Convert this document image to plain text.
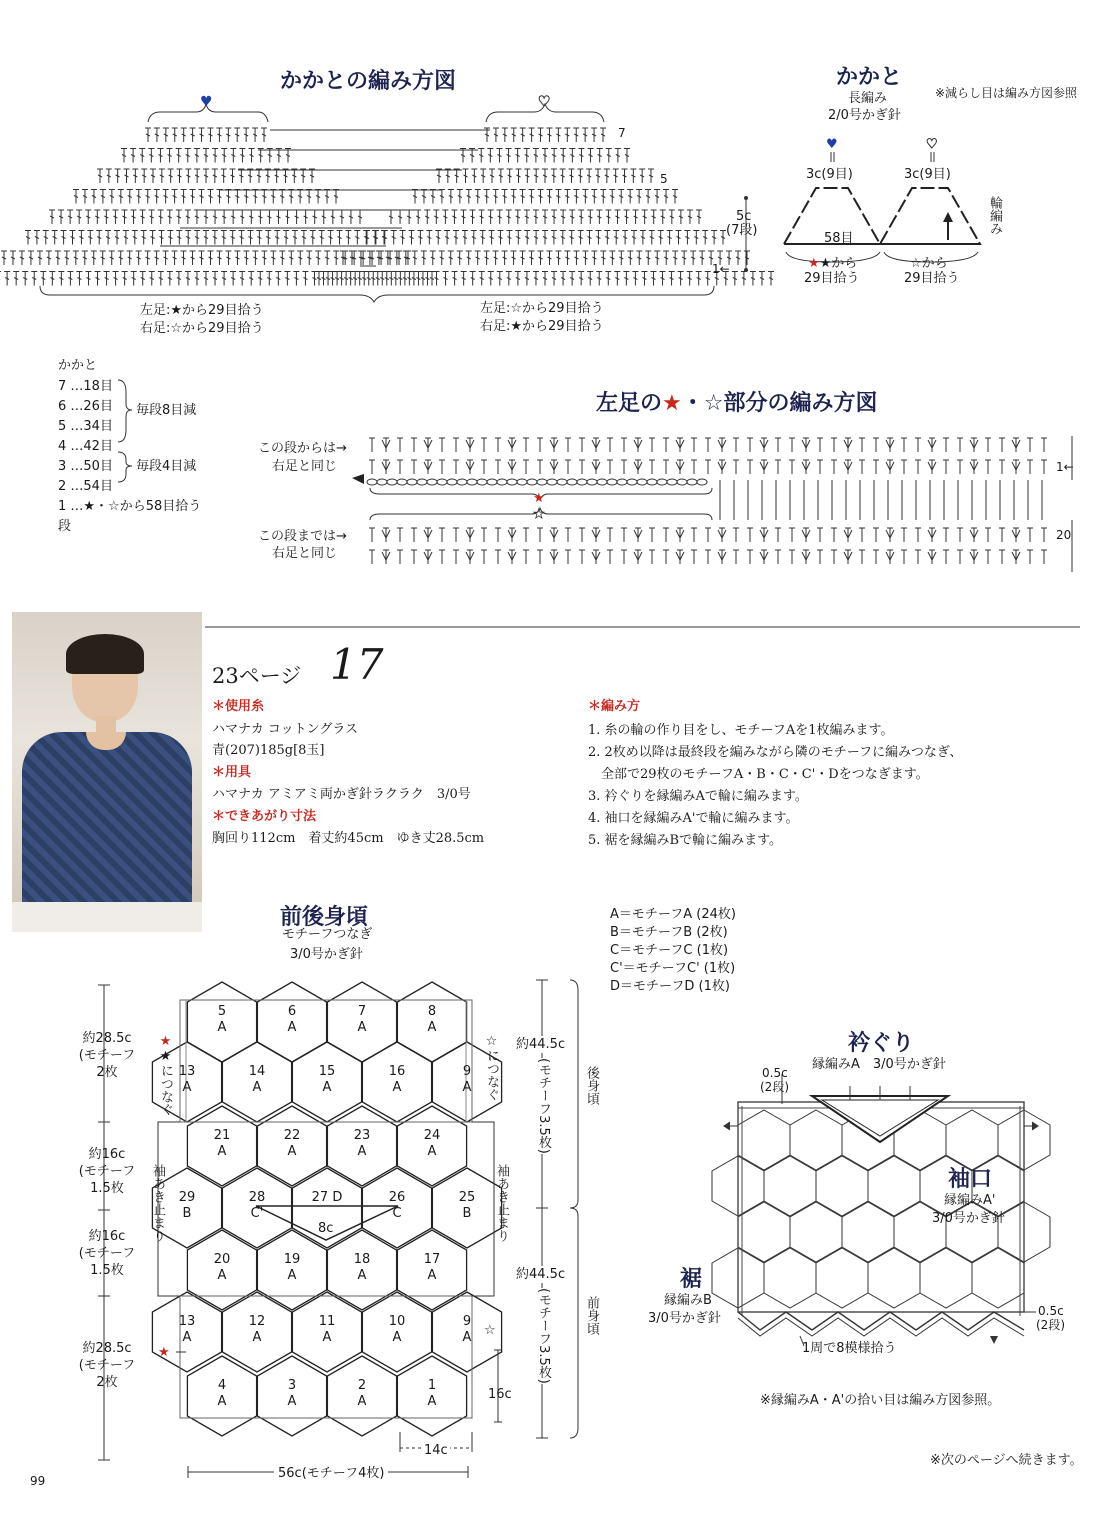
かかとの編み方図
♥	♥
7
5
1←
5c
(7段)
左足:★から29目拾う
右足:☆から29目拾う
左足:☆から29目拾う
右足:★から29目拾う
かかと
※減らし目は編み方図参照
長編み
2/0号かぎ針
♥	♥
3c(9目)	3c(9目)
輪編み
58目
★★から
29目拾う
☆から
29目拾う
かかと
7 …18目
6 …26目
5 …34目
4 …42目
3 …50目
2 …54目
1 …★・☆から58目拾う
段
毎段8目減
毎段4目減
左足の★・☆部分の編み方図
この段からは→
右足と同じ
この段までは→
右足と同じ
1←
20
★
★
23ページ 17
＊使用糸
ハマナカ コットングラス
青(207)185g[8玉]
＊用具
ハマナカ アミアミ両かぎ針ラクラク　3/0号
＊できあがり寸法
胸回り112cm　着丈約45cm　ゆき丈28.5cm
＊編み方
1. 糸の輪の作り目をし、モチーフAを1枚編みます。
2. 2枚め以降は最終段を編みながら隣のモチーフに編みつなぎ、
　全部で29枚のモチーフA・B・C・C'・Dをつなぎます。
3. 衿ぐりを縁編みAで輪に編みます。
4. 袖口を縁編みA'で輪に編みます。
5. 裾を縁編みBで輪に編みます。
前後身頃
モチーフつなぎ
3/0号かぎ針
A＝モチーフA (24枚)
B＝モチーフB (2枚)
C＝モチーフC (1枚)
C'＝モチーフC' (1枚)
D＝モチーフD (1枚)
5
A
6
A
7
A
8
A
13
A
14
A
15
A
16
A
9
A
21
A
22
A
23
A
24
A
29
B
28
C'
27 D	26
C
25
B
20
A
19
A
18
A
17
A
13
A
12
A
11
A
10
A
9
A
4
A
3
A
2
A
1
A
約28.5c
(モチーフ
2枚
約16c
(モチーフ
1.5枚
約16c
(モチーフ
1.5枚
約28.5c
(モチーフ
2枚
★★につなぐ	☆につなぐ
袖あき止まり	袖あき止まり
約44.5c
(モチーフ3.5枚)	後身頃
約44.5c
(モチーフ3.5枚)	前身頃
★
☆
16c
14c
56c(モチーフ4枚)
8c
衿ぐり
縁編みA　3/0号かぎ針
0.5c
(2段)
袖口
縁編みA'
3/0号かぎ針
裾
縁編みB
3/0号かぎ針	0.5c
(2段)
1周で8模様拾う
※縁編みA・A'の拾い目は編み方図参照。
99
※次のページへ続きます。
